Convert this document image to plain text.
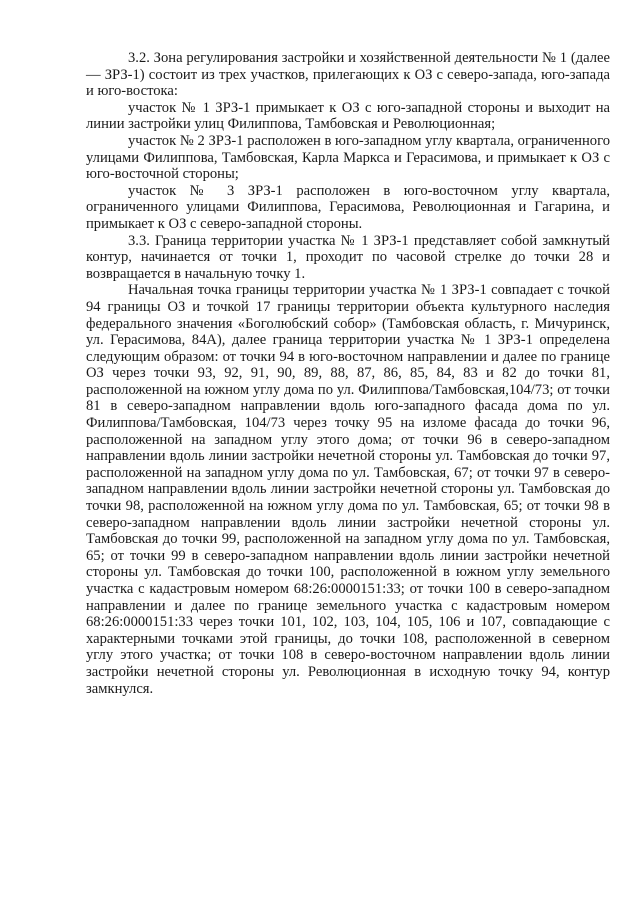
3.2. Зона регулирования застройки и хозяйственной деятельности № 1 (далее — ЗРЗ-1) состоит из трех участков, прилегающих к ОЗ с северо-запада, юго-запада и юго-востока:

участок № 1 ЗРЗ-1 примыкает к ОЗ с юго-западной стороны и выходит на линии застройки улиц Филиппова, Тамбовская и Революционная;

участок № 2 ЗРЗ-1 расположен в юго-западном углу квартала, ограниченного улицами Филиппова, Тамбовская, Карла Маркса и Герасимова, и примыкает к ОЗ с юго-восточной стороны;

участок № 3 ЗРЗ-1 расположен в юго-восточном углу квартала, ограниченного улицами Филиппова, Герасимова, Революционная и Гагарина, и примыкает к ОЗ с северо-западной стороны.

3.3. Граница территории участка № 1 ЗРЗ-1 представляет собой замкнутый контур, начинается от точки 1, проходит по часовой стрелке до точки 28 и возвращается в начальную точку 1.

Начальная точка границы территории участка № 1 ЗРЗ-1 совпадает с точкой 94 границы ОЗ и точкой 17 границы территории объекта культурного наследия федерального значения «Боголюбский собор» (Тамбовская область, г. Мичуринск, ул. Герасимова, 84А), далее граница территории участка № 1 ЗРЗ-1 определена следующим образом: от точки 94 в юго-восточном направлении и далее по границе ОЗ через точки 93, 92, 91, 90, 89, 88, 87, 86, 85, 84, 83 и 82 до точки 81, расположенной на южном углу дома по ул. Филиппова/Тамбовская,104/73; от точки 81 в северо-западном направлении вдоль юго-западного фасада дома по ул. Филиппова/Тамбовская, 104/73 через точку 95 на изломе фасада до точки 96, расположенной на западном углу этого дома; от точки 96 в северо-западном направлении вдоль линии застройки нечетной стороны ул. Тамбовская до точки 97, расположенной на западном углу дома по ул. Тамбовская, 67; от точки 97 в северо-западном направлении вдоль линии застройки нечетной стороны ул. Тамбовская до точки 98, расположенной на южном углу дома по ул. Тамбовская, 65; от точки 98 в северо-западном направлении вдоль линии застройки нечетной стороны ул. Тамбовская до точки 99, расположенной на западном углу дома по ул. Тамбовская, 65; от точки 99 в северо-западном направлении вдоль линии застройки нечетной стороны ул. Тамбовская до точки 100, расположенной в южном углу земельного участка с кадастровым номером 68:26:0000151:33; от точки 100 в северо-западном направлении и далее по границе земельного участка с кадастровым номером 68:26:0000151:33 через точки 101, 102, 103, 104, 105, 106 и 107, совпадающие с характерными точками этой границы, до точки 108, расположенной в северном углу этого участка; от точки 108 в северо-восточном направлении вдоль линии застройки нечетной стороны ул. Революционная в исходную точку 94, контур замкнулся.
